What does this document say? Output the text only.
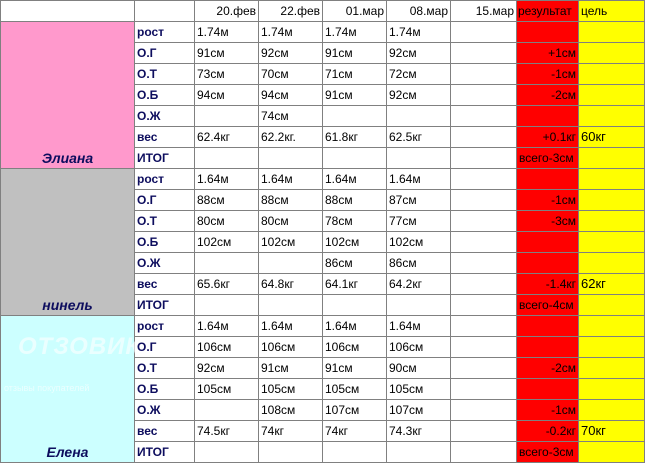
		20.фев	22.фев	01.мар	08.мар	15.мар	результат	цель
Элиана	рост	1.74м	1.74м	1.74м	1.74м			
	О.Г	91см	92см	91см	92см		+1см	
	О.Т	73см	70см	71см	72см		-1см	
	О.Б	94см	94см	91см	92см		-2см	
	О.Ж		74см					
	вес	62.4кг	62.2кг.	61.8кг	62.5кг		+0.1кг	60кг
	ИТОГ						всего-3см	
нинель	рост	1.64м	1.64м	1.64м	1.64м			
	О.Г	88см	88см	88см	87см		-1см	
	О.Т	80см	80см	78см	77см		-3см	
	О.Б	102см	102см	102см	102см			
	О.Ж			86см	86см			
	вес	65.6кг	64.8кг	64.1кг	64.2кг		-1.4кг	62кг
	ИТОГ						всего-4см	
Елена	рост	1.64м	1.64м	1.64м	1.64м			
	О.Г	106см	106см	106см	106см			
	О.Т	92см	91см	91см	90см		-2см	
	О.Б	105см	105см	105см	105см			
	О.Ж		108см	107см	107см		-1см	
	вес	74.5кг	74кг	74кг	74.3кг		-0.2кг	70кг
	ИТОГ						всего-3см	
ОТЗОВИК
отзывы покупателей
